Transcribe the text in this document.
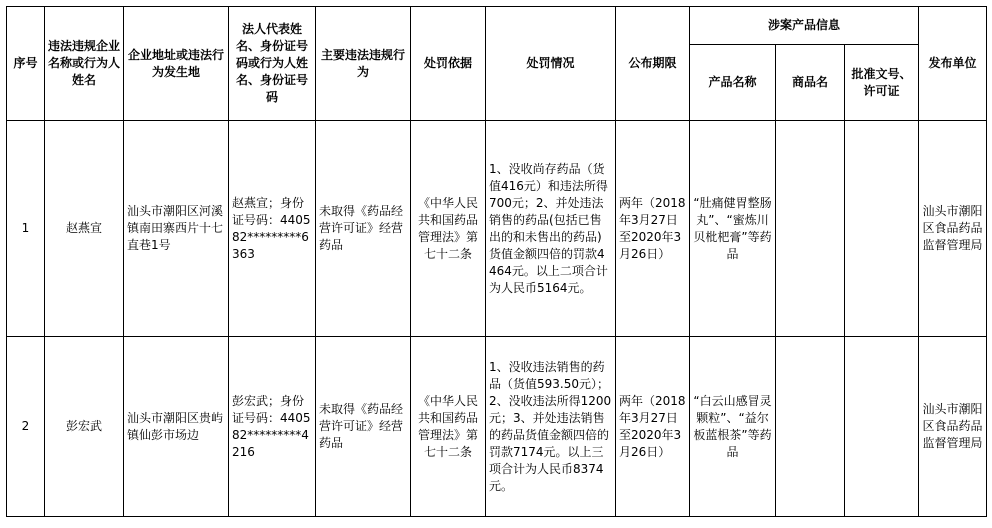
序号	违法违规企业名称或行为人姓名	企业地址或违法行为发生地	法人代表姓名、身份证号码或行为人姓名、身份证号码	主要违法违规行为	处罚依据	处罚情况	公布期限	涉案产品信息			发布单位
								产品名称	商品名	批准文号、许可证	
1	赵燕宣	汕头市潮阳区河溪镇南田寨西片十七直巷1号	赵燕宣；身份证号码：440582*********6363	未取得《药品经营许可证》经营药品	《中华人民共和国药品管理法》第七十二条	1、没收尚存药品（货值416元）和违法所得700元；2、并处违法销售的药品(包括已售出的和未售出的药品)货值金额四倍的罚款4464元。以上二项合计为人民币5164元。	两年（2018年3月27日至2020年3月26日）	“肚痛健胃整肠丸”、“蜜炼川贝枇杷膏”等药品			汕头市潮阳区食品药品监督管理局
2	彭宏武	汕头市潮阳区贵屿镇仙彭市场边	彭宏武；身份证号码：440582*********4216	未取得《药品经营许可证》经营药品	《中华人民共和国药品管理法》第七十二条	1、没收违法销售的药品（货值593.50元）；2、没收违法所得1200元；3、并处违法销售的药品货值金额四倍的罚款7174元。以上三项合计为人民币8374元。	两年（2018年3月27日至2020年3月26日）	“白云山感冒灵颗粒”、“益尔板蓝根茶”等药品			汕头市潮阳区食品药品监督管理局
